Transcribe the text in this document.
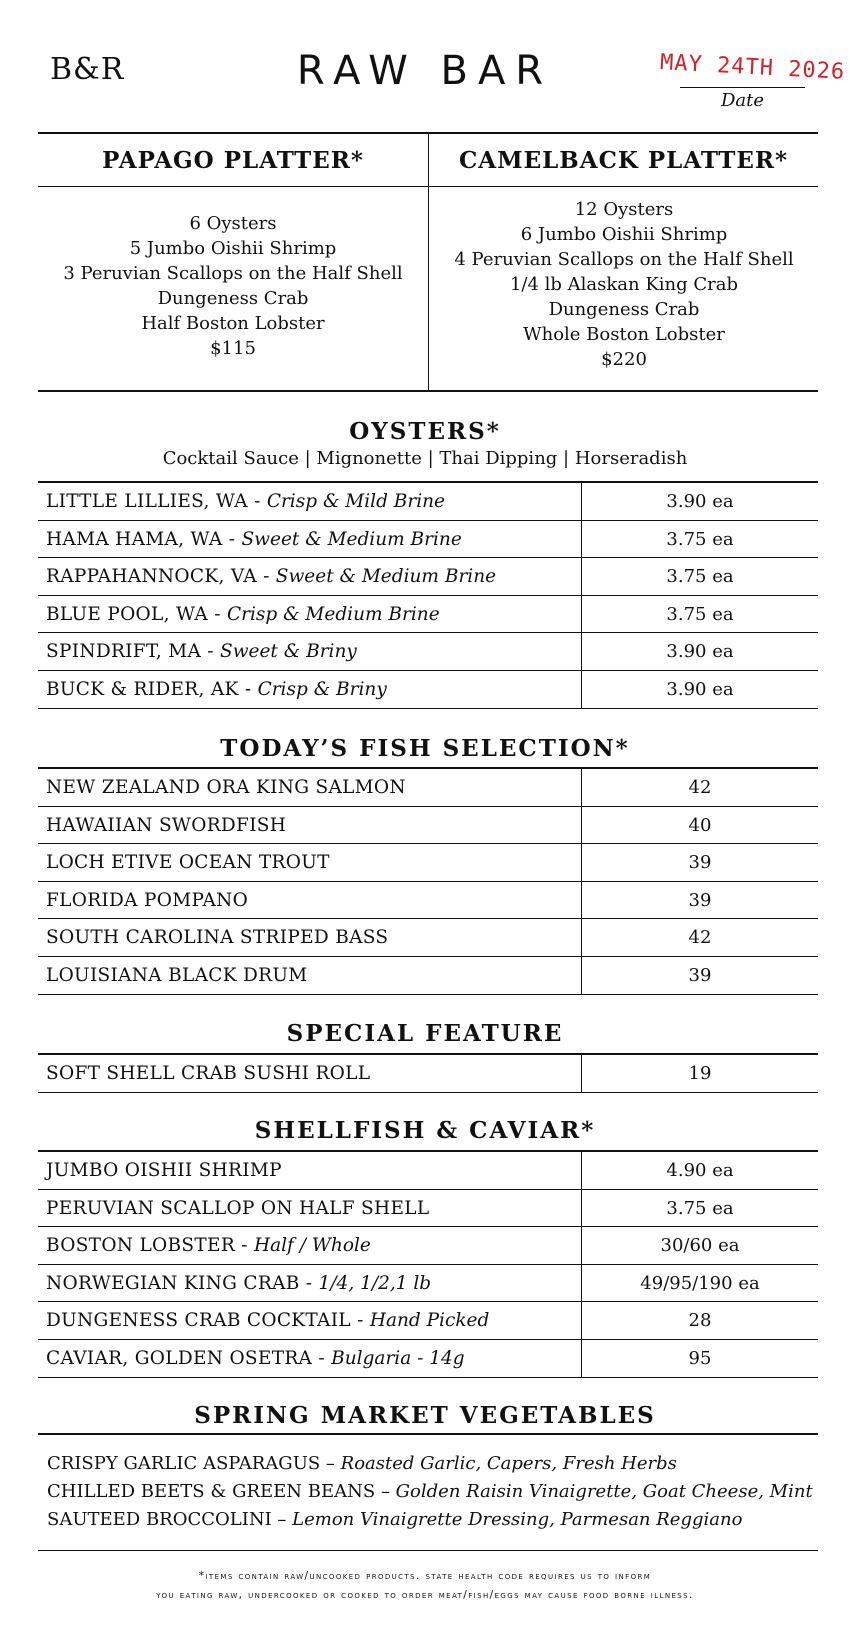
B&R	RAW BAR	MAY 24TH 2026
Date
PAPAGO PLATTER*
6 Oysters
5 Jumbo Oishii Shrimp
3 Peruvian Scallops on the Half Shell
Dungeness Crab
Half Boston Lobster
$115
CAMELBACK PLATTER*
12 Oysters
6 Jumbo Oishii Shrimp
4 Peruvian Scallops on the Half Shell
1/4 lb Alaskan King Crab
Dungeness Crab
Whole Boston Lobster
$220
OYSTERS*
Cocktail Sauce | Mignonette | Thai Dipping | Horseradish
LITTLE LILLIES, WA - Crisp & Mild Brine	3.90 ea
HAMA HAMA, WA - Sweet & Medium Brine	3.75 ea
RAPPAHANNOCK, VA - Sweet & Medium Brine	3.75 ea
BLUE POOL, WA - Crisp & Medium Brine	3.75 ea
SPINDRIFT, MA - Sweet & Briny	3.90 ea
BUCK & RIDER, AK - Crisp & Briny	3.90 ea
TODAY’S FISH SELECTION*
NEW ZEALAND ORA KING SALMON	42
HAWAIIAN SWORDFISH	40
LOCH ETIVE OCEAN TROUT	39
FLORIDA POMPANO	39
SOUTH CAROLINA STRIPED BASS	42
LOUISIANA BLACK DRUM	39
SPECIAL FEATURE
SOFT SHELL CRAB SUSHI ROLL	19
SHELLFISH & CAVIAR*
JUMBO OISHII SHRIMP	4.90 ea
PERUVIAN SCALLOP ON HALF SHELL	3.75 ea
BOSTON LOBSTER - Half / Whole	30/60 ea
NORWEGIAN KING CRAB - 1/4, 1/2,1 lb	49/95/190 ea
DUNGENESS CRAB COCKTAIL - Hand Picked	28
CAVIAR, GOLDEN OSETRA - Bulgaria - 14g	95
SPRING MARKET VEGETABLES
CRISPY GARLIC ASPARAGUS – Roasted Garlic, Capers, Fresh Herbs
CHILLED BEETS & GREEN BEANS – Golden Raisin Vinaigrette, Goat Cheese, Mint
SAUTEED BROCCOLINI – Lemon Vinaigrette Dressing, Parmesan Reggiano
*items contain raw/uncooked products. state health code requires us to inform
you eating raw, undercooked or cooked to order meat/fish/eggs may cause food borne illness.
